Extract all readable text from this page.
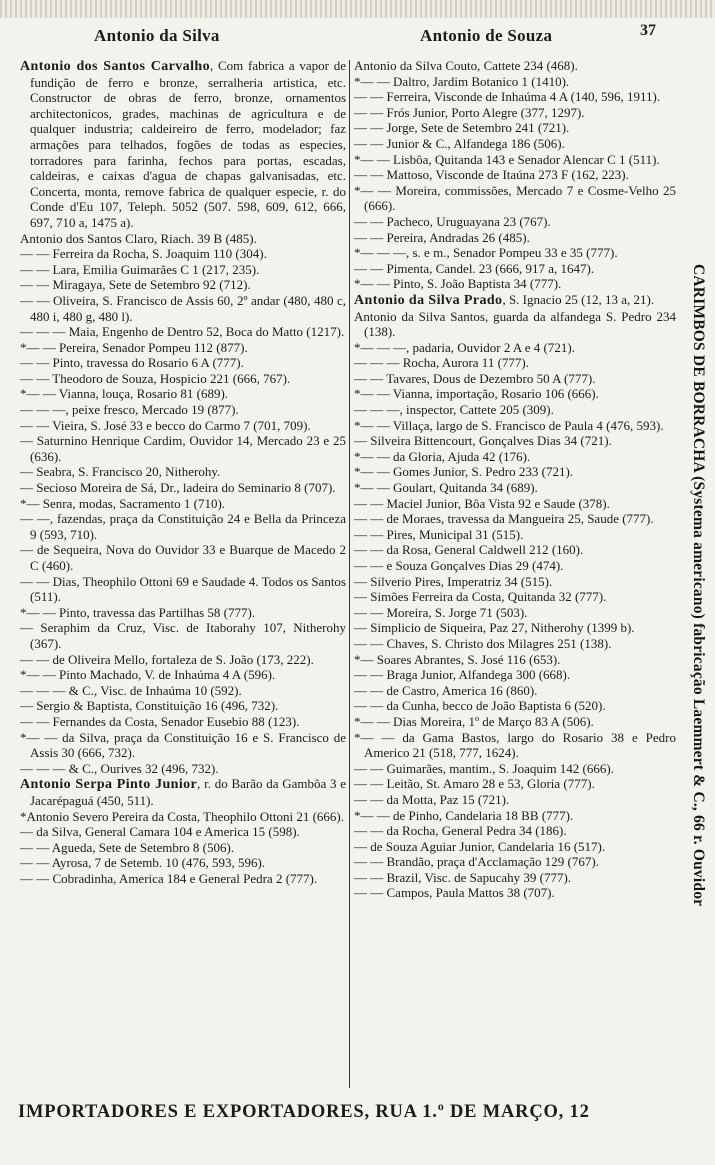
Antonio da Silva	Antonio de Souza	37
Antonio dos Santos Carvalho, Com fabrica a vapor de fundição de ferro e bronze, serralheria artistica, etc. Constructor de obras de ferro, bronze, ornamentos architectonicos, grades, machinas de agricultura e de qualquer industria; caldeireiro de ferro, modelador; faz armações para telhados, fogões de todas as especies, torradores para farinha, fechos para portas, escadas, caldeiras, e caixas d'agua de chapas galvanisadas, etc. Concerta, monta, remove fabrica de qualquer especie, r. do Conde d'Eu 107, Teleph. 5052 (507. 598, 609, 612, 666, 697, 710 a, 1475 a).
Antonio dos Santos Claro, Riach. 39 B (485).
— — Ferreira da Rocha, S. Joaquim 110 (304).
— — Lara, Emilia Guimarães C 1 (217, 235).
— — Miragaya, Sete de Setembro 92 (712).
— — Oliveira, S. Francisco de Assis 60, 2º andar (480, 480 c, 480 i, 480 g, 480 l).
— — — Maia, Engenho de Dentro 52, Boca do Matto (1217).
*— — Pereira, Senador Pompeu 112 (877).
— — Pinto, travessa do Rosario 6 A (777).
— — Theodoro de Souza, Hospicio 221 (666, 767).
*— — Vianna, louça, Rosario 81 (689).
— — —, peixe fresco, Mercado 19 (877).
— — Vieira, S. José 33 e becco do Carmo 7 (701, 709).
— Saturnino Henrique Cardim, Ouvidor 14, Mercado 23 e 25 (636).
— Seabra, S. Francisco 20, Nitherohy.
— Secioso Moreira de Sá, Dr., ladeira do Seminario 8 (707).
*— Senra, modas, Sacramento 1 (710).
— —, fazendas, praça da Constituição 24 e Bella da Princeza 9 (593, 710).
— de Sequeira, Nova do Ouvidor 33 e Buarque de Macedo 2 C (460).
— — Dias, Theophilo Ottoni 69 e Saudade 4. Todos os Santos (511).
*— — Pinto, travessa das Partilhas 58 (777).
— Seraphim da Cruz, Visc. de Itaborahy 107, Nitherohy (367).
— — de Oliveira Mello, fortaleza de S. João (173, 222).
*— — Pinto Machado, V. de Inhaúma 4 A (596).
— — — & C., Visc. de Inhaúma 10 (592).
— Sergio & Baptista, Constituição 16 (496, 732).
— — Fernandes da Costa, Senador Eusebio 88 (123).
*— — da Silva, praça da Constituição 16 e S. Francisco de Assis 30 (666, 732).
— — — & C., Ourives 32 (496, 732).
Antonio Serpa Pinto Junior, r. do Barão da Gambôa 3 e Jacarépaguá (450, 511).
*Antonio Severo Pereira da Costa, Theophilo Ottoni 21 (666).
— da Silva, General Camara 104 e America 15 (598).
— — Agueda, Sete de Setembro 8 (506).
— — Ayrosa, 7 de Setemb. 10 (476, 593, 596).
— — Cobradinha, America 184 e General Pedra 2 (777).
Antonio da Silva Couto, Cattete 234 (468).
*— — Daltro, Jardim Botanico 1 (1410).
— — Ferreira, Visconde de Inhaúma 4 A (140, 596, 1911).
— — Frós Junior, Porto Alegre (377, 1297).
— — Jorge, Sete de Setembro 241 (721).
— — Junior & C., Alfandega 186 (506).
*— — Lisbôa, Quitanda 143 e Senador Alencar C 1 (511).
— — Mattoso, Visconde de Itaúna 273 F (162, 223).
*— — Moreira, commissões, Mercado 7 e Cosme-Velho 25 (666).
— — Pacheco, Uruguayana 23 (767).
— — Pereira, Andradas 26 (485).
*— — —, s. e m., Senador Pompeu 33 e 35 (777).
— — Pimenta, Candel. 23 (666, 917 a, 1647).
*— — Pinto, S. João Baptista 34 (777).
Antonio da Silva Prado, S. Ignacio 25 (12, 13 a, 21).
Antonio da Silva Santos, guarda da alfandega S. Pedro 234 (138).
*— — —, padaria, Ouvidor 2 A e 4 (721).
— — — Rocha, Aurora 11 (777).
— — Tavares, Dous de Dezembro 50 A (777).
*— — Vianna, importação, Rosario 106 (666).
— — —, inspector, Cattete 205 (309).
*— — Villaça, largo de S. Francisco de Paula 4 (476, 593).
— Silveira Bittencourt, Gonçalves Dias 34 (721).
*— — da Gloria, Ajuda 42 (176).
*— — Gomes Junior, S. Pedro 233 (721).
*— — Goulart, Quitanda 34 (689).
— — Maciel Junior, Bôa Vista 92 e Saude (378).
— — de Moraes, travessa da Mangueira 25, Saude (777).
— — Pires, Municipal 31 (515).
— — da Rosa, General Caldwell 212 (160).
— — e Souza Gonçalves Dias 29 (474).
— Silverio Pires, Imperatriz 34 (515).
— Simões Ferreira da Costa, Quitanda 32 (777).
— — Moreira, S. Jorge 71 (503).
— Simplicio de Siqueira, Paz 27, Nitherohy (1399 b).
— — Chaves, S. Christo dos Milagres 251 (138).
*— Soares Abrantes, S. José 116 (653).
— — Braga Junior, Alfandega 300 (668).
— — de Castro, America 16 (860).
— — da Cunha, becco de João Baptista 6 (520).
*— — Dias Moreira, 1º de Março 83 A (506).
*— — da Gama Bastos, largo do Rosario 38 e Pedro Americo 21 (518, 777, 1624).
— — Guimarães, mantim., S. Joaquim 142 (666).
— — Leitão, St. Amaro 28 e 53, Gloria (777).
— — da Motta, Paz 15 (721).
*— — de Pinho, Candelaria 18 BB (777).
— — da Rocha, General Pedra 34 (186).
— de Souza Aguiar Junior, Candelaria 16 (517).
— — Brandão, praça d'Acclamação 129 (767).
— — Brazil, Visc. de Sapucahy 39 (777).
— — Campos, Paula Mattos 38 (707).	CARIMBOS DE BORRACHA (Systema americano) fabricação Laemmert & C., 66 r. Ouvidor
IMPORTADORES E EXPORTADORES, RUA 1.º DE MARÇO, 12
